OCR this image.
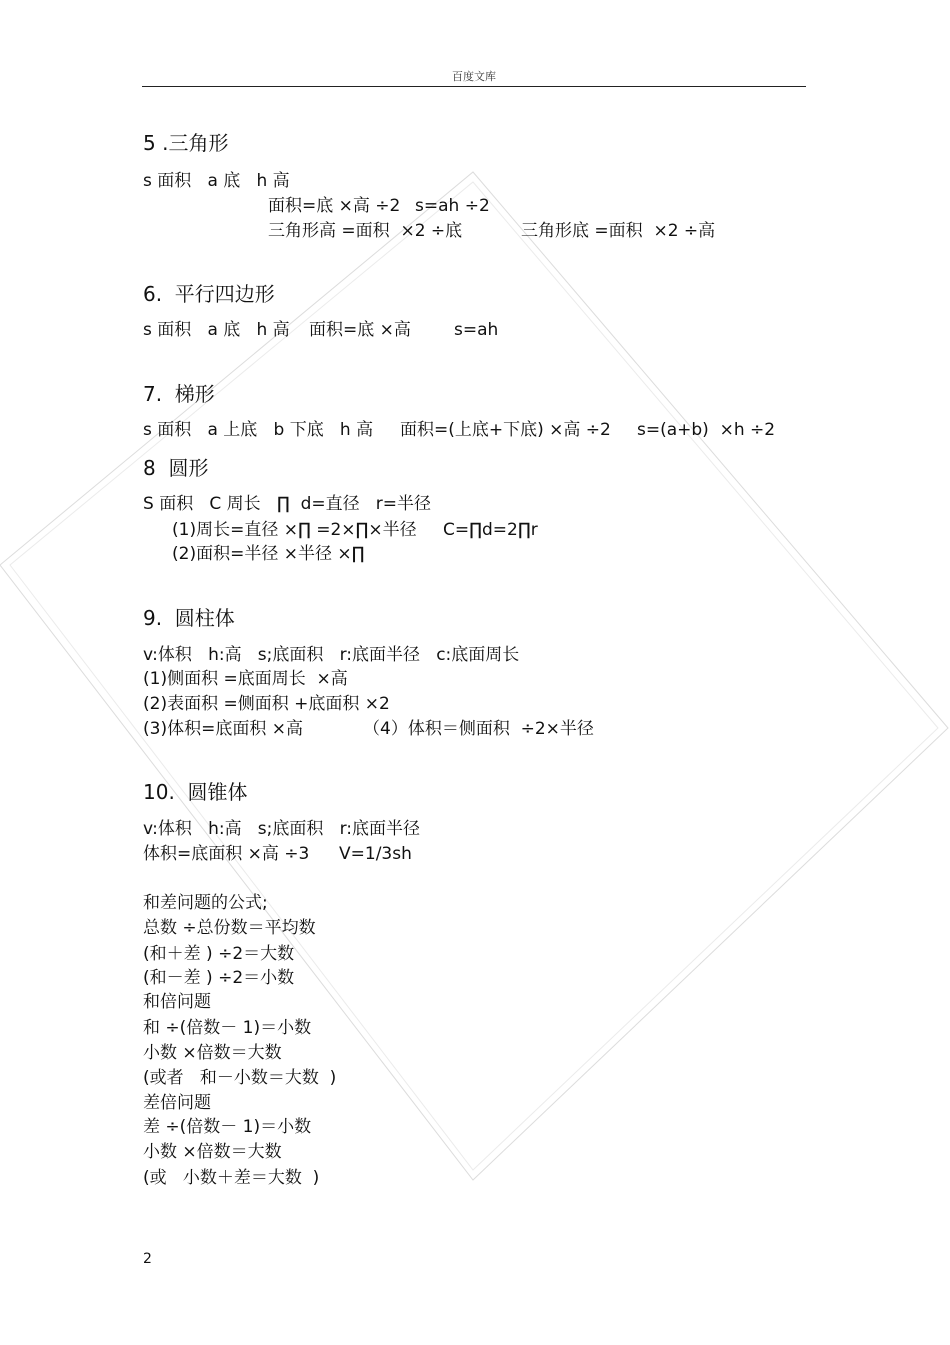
百度文库
5 .三角形
s 面积   a 底   h 高
面积=底 ×高 ÷2 s=ah ÷2
三角形高 =面积  ×2 ÷底	三角形底 =面积  ×2 ÷高
6.  平行四边形
s 面积   a 底   h 高 面积=底 ×高	s=ah
7.  梯形
s 面积   a 上底   b 下底   h 高 面积=(上底+下底) ×高 ÷2 s=(a+b)  ×h ÷2
8  圆形
S 面积   C 周长   ∏  d=直径   r=半径
(1)周长=直径 ×∏ =2×∏×半径 C=∏d=2∏r
(2)面积=半径 ×半径 ×∏
9.  圆柱体
v:体积   h:高   s;底面积   r:底面半径   c:底面周长
(1)侧面积 =底面周长  ×高
(2)表面积 =侧面积 +底面积 ×2
(3)体积=底面积 ×高	（4）体积＝侧面积  ÷2×半径
10.  圆锥体
v:体积   h:高   s;底面积   r:底面半径
体积=底面积 ×高 ÷3 V=1/3sh
和差问题的公式;
总数 ÷总份数＝平均数
(和＋差 ) ÷2＝大数
(和－差 ) ÷2＝小数
和倍问题
和 ÷(倍数－ 1)＝小数
小数 ×倍数＝大数
(或者   和－小数＝大数  )
差倍问题
差 ÷(倍数－ 1)＝小数
小数 ×倍数＝大数
(或   小数＋差＝大数  )
2
